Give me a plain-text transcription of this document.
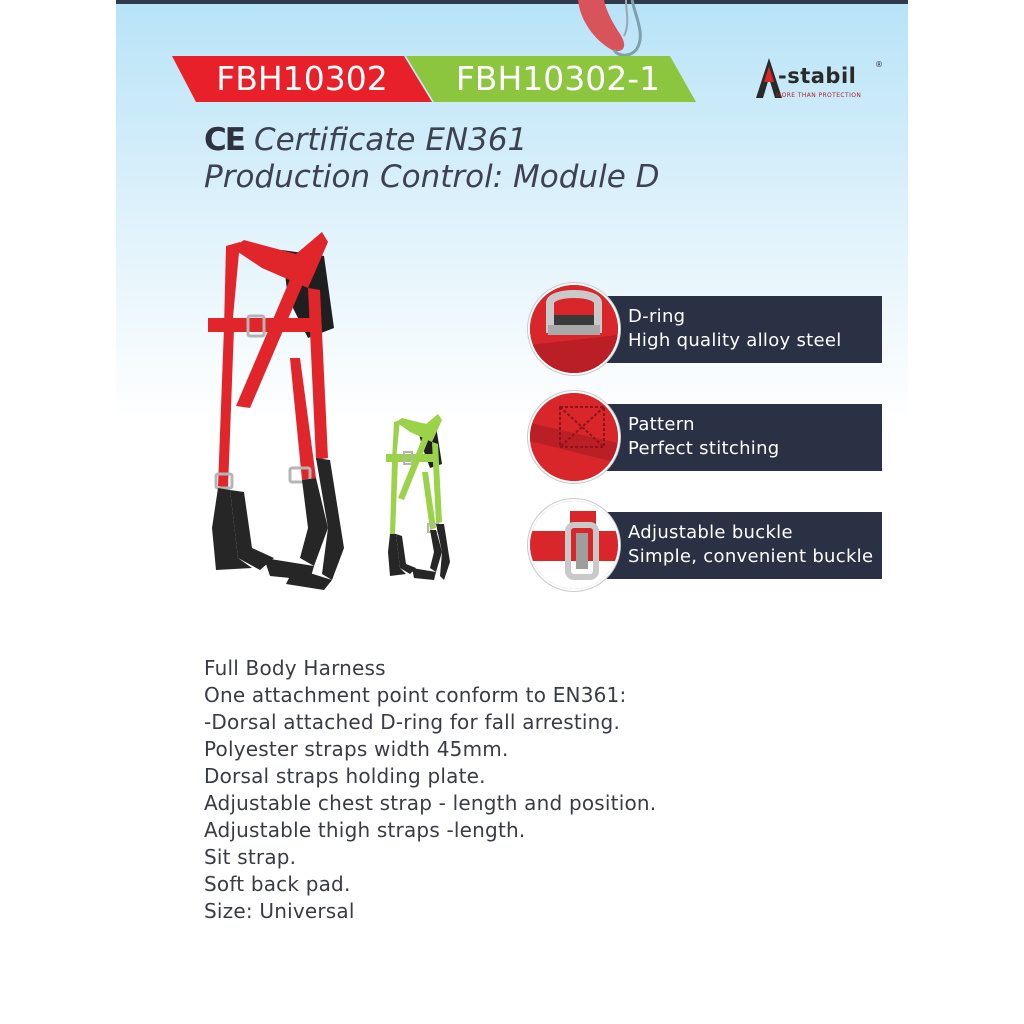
FBH10302	FBH10302-1	-stabil
MORE THAN PROTECTION
®
CE Certificate EN361
Production Control: Module D
D-ring
High quality alloy steel
Pattern
Perfect stitching
Adjustable buckle
Simple, convenient buckle
Full Body Harness
One attachment point conform to EN361:
-Dorsal attached D-ring for fall arresting.
Polyester straps width 45mm.
Dorsal straps holding plate.
Adjustable chest strap - length and position.
Adjustable thigh straps -length.
Sit strap.
Soft back pad.
Size: Universal
